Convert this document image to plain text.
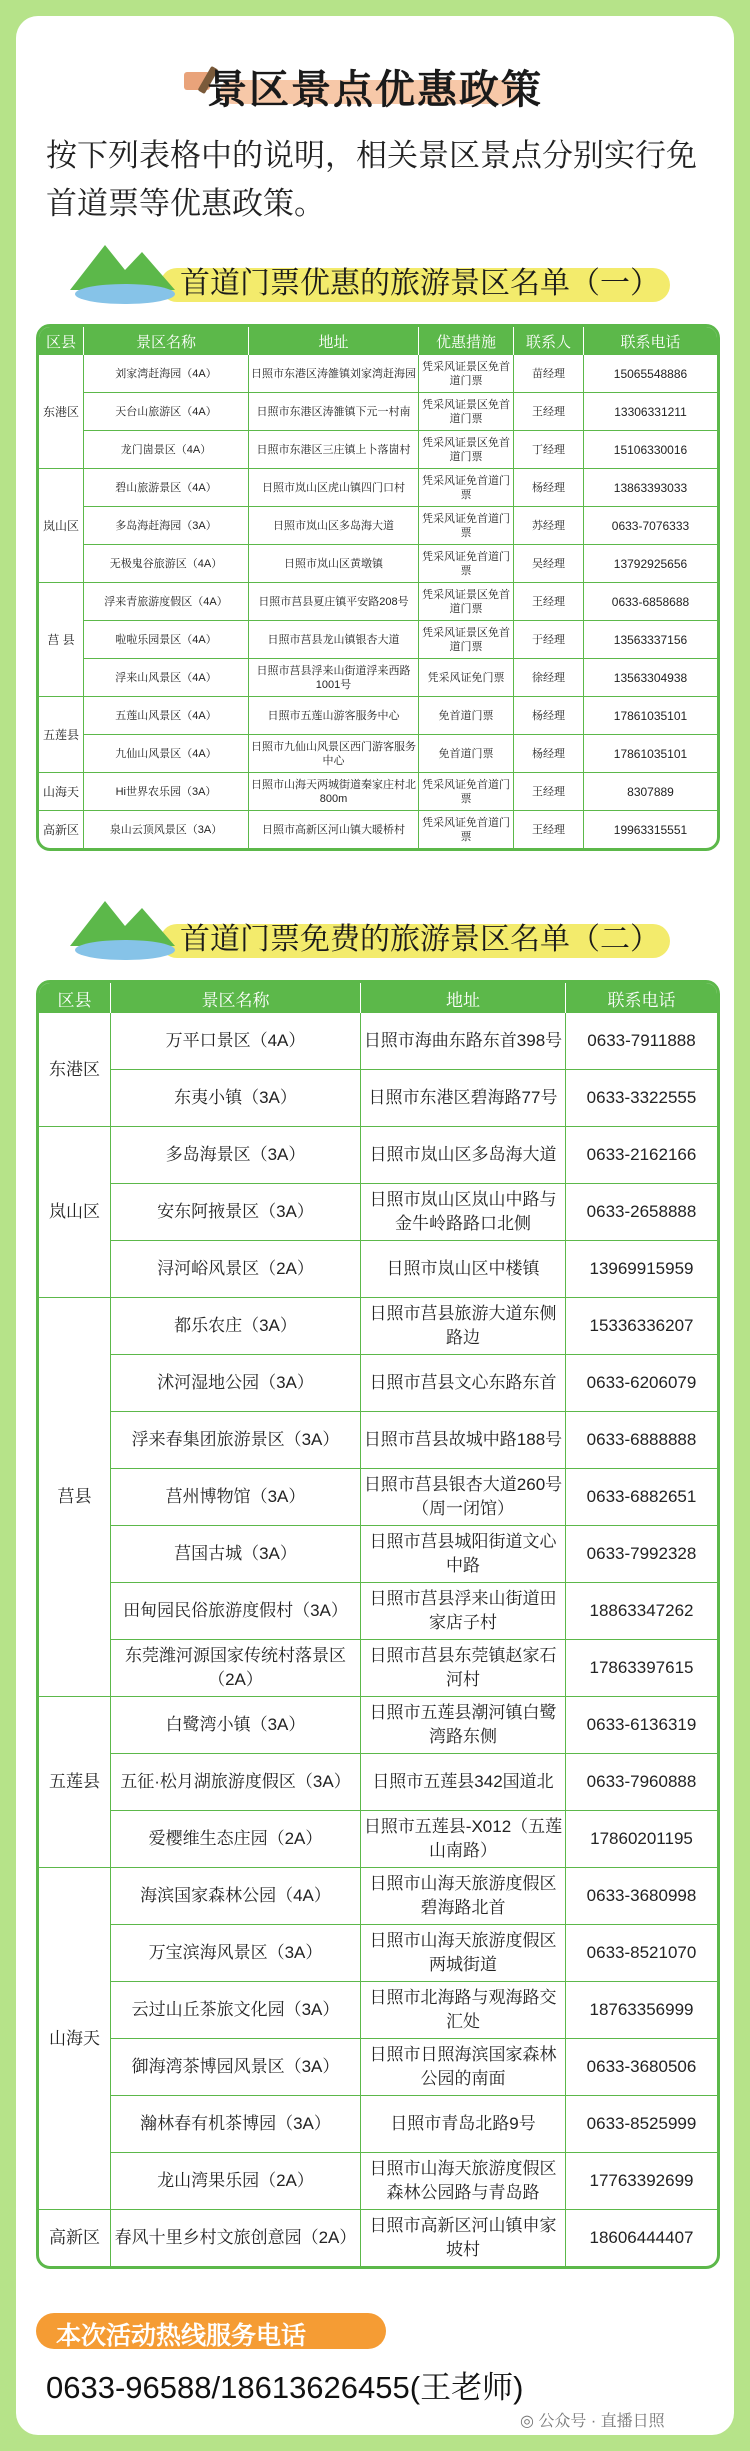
景区景点优惠政策
按下列表格中的说明，相关景区景点分别实行免首道票等优惠政策。
首道门票优惠的旅游景区名单（一）
区县	景区名称	地址	优惠措施	联系人	联系电话
东港区	刘家湾赶海园（4A）	日照市东港区涛雒镇刘家湾赶海园	凭采风证景区免首道门票	苗经理	15065548886
	天台山旅游区（4A）	日照市东港区涛雒镇下元一村南	凭采风证景区免首道门票	王经理	13306331211
	龙门崮景区（4A）	日照市东港区三庄镇上卜落崮村	凭采风证景区免首道门票	丁经理	15106330016
岚山区	碧山旅游景区（4A）	日照市岚山区虎山镇四门口村	凭采风证免首道门票	杨经理	13863393033
	多岛海赶海园（3A）	日照市岚山区多岛海大道	凭采风证免首道门票	苏经理	0633-7076333
	无极鬼谷旅游区（4A）	日照市岚山区黄墩镇	凭采风证免首道门票	吴经理	13792925656
莒 县	浮来青旅游度假区（4A）	日照市莒县夏庄镇平安路208号	凭采风证景区免首道门票	王经理	0633-6858688
	啦啦乐园景区（4A）	日照市莒县龙山镇银杏大道	凭采风证景区免首道门票	于经理	13563337156
	浮来山风景区（4A）	日照市莒县浮来山街道浮来西路1001号	凭采风证免门票	徐经理	13563304938
五莲县	五莲山风景区（4A）	日照市五莲山游客服务中心	免首道门票	杨经理	17861035101
	九仙山风景区（4A）	日照市九仙山风景区西门游客服务中心	免首道门票	杨经理	17861035101
山海天	Hi世界农乐园（3A）	日照市山海天两城街道秦家庄村北800m	凭采风证免首道门票	王经理	8307889
高新区	泉山云顶风景区（3A）	日照市高新区河山镇大暖桥村	凭采风证免首道门票	王经理	19963315551
首道门票免费的旅游景区名单（二）
区县	景区名称	地址	联系电话
东港区	万平口景区（4A）	日照市海曲东路东首398号	0633-7911888
	东夷小镇（3A）	日照市东港区碧海路77号	0633-3322555
岚山区	多岛海景区（3A）	日照市岚山区多岛海大道	0633-2162166
	安东阿掖景区（3A）	日照市岚山区岚山中路与金牛岭路路口北侧	0633-2658888
	浔河峪风景区（2A）	日照市岚山区中楼镇	13969915959
莒县	都乐农庄（3A）	日照市莒县旅游大道东侧路边	15336336207
	沭河湿地公园（3A）	日照市莒县文心东路东首	0633-6206079
	浮来春集团旅游景区（3A）	日照市莒县故城中路188号	0633-6888888
	莒州博物馆（3A）	日照市莒县银杏大道260号（周一闭馆）	0633-6882651
	莒国古城（3A）	日照市莒县城阳街道文心中路	0633-7992328
	田甸园民俗旅游度假村（3A）	日照市莒县浮来山街道田家店子村	18863347262
	东莞潍河源国家传统村落景区（2A）	日照市莒县东莞镇赵家石河村	17863397615
五莲县	白鹭湾小镇（3A）	日照市五莲县潮河镇白鹭湾路东侧	0633-6136319
	五征·松月湖旅游度假区（3A）	日照市五莲县342国道北	0633-7960888
	爱樱维生态庄园（2A）	日照市五莲县-X012（五莲山南路）	17860201195
山海天	海滨国家森林公园（4A）	日照市山海天旅游度假区碧海路北首	0633-3680998
	万宝滨海风景区（3A）	日照市山海天旅游度假区两城街道	0633-8521070
	云过山丘茶旅文化园（3A）	日照市北海路与观海路交汇处	18763356999
	御海湾茶博园风景区（3A）	日照市日照海滨国家森林公园的南面	0633-3680506
	瀚林春有机茶博园（3A）	日照市青岛北路9号	0633-8525999
	龙山湾果乐园（2A）	日照市山海天旅游度假区森林公园路与青岛路	17763392699
高新区	春风十里乡村文旅创意园（2A）	日照市高新区河山镇申家坡村	18606444407
本次活动热线服务电话
0633-96588/18613626455(王老师)
◎ 公众号 · 直播日照
